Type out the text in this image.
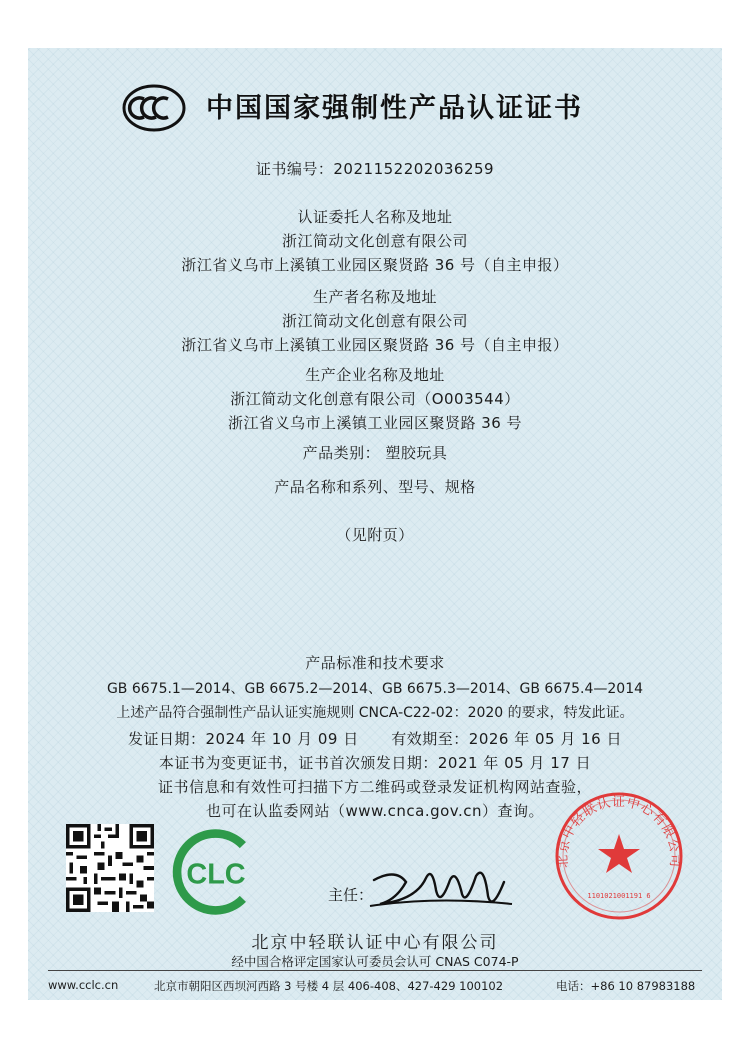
中国国家强制性产品认证证书
证书编号：2021152202036259
认证委托人名称及地址
浙江简动文化创意有限公司
浙江省义乌市上溪镇工业园区聚贤路 36 号（自主申报）
生产者名称及地址
浙江简动文化创意有限公司
浙江省义乌市上溪镇工业园区聚贤路 36 号（自主申报）
生产企业名称及地址
浙江简动文化创意有限公司（O003544）
浙江省义乌市上溪镇工业园区聚贤路 36 号
产品类别： 塑胶玩具
产品名称和系列、型号、规格
（见附页）
产品标准和技术要求
GB 6675.1—2014、GB 6675.2—2014、GB 6675.3—2014、GB 6675.4—2014
上述产品符合强制性产品认证实施规则 CNCA-C22-02：2020 的要求，特发此证。
发证日期：2024 年 10 月 09 日 有效期至：2026 年 05 月 16 日
本证书为变更证书，证书首次颁发日期：2021 年 05 月 17 日
证书信息和有效性可扫描下方二维码或登录发证机构网站查验，
也可在认监委网站（www.cnca.gov.cn）查询。
CLC
主任：
北京中轻联认证中心有限公司
1101021001191 6
北京中轻联认证中心有限公司
经中国合格评定国家认可委员会认可 CNAS C074-P
www.cclc.cn	北京市朝阳区西坝河西路 3 号楼 4 层 406-408、427-429 100102	电话：+86 10 87983188
